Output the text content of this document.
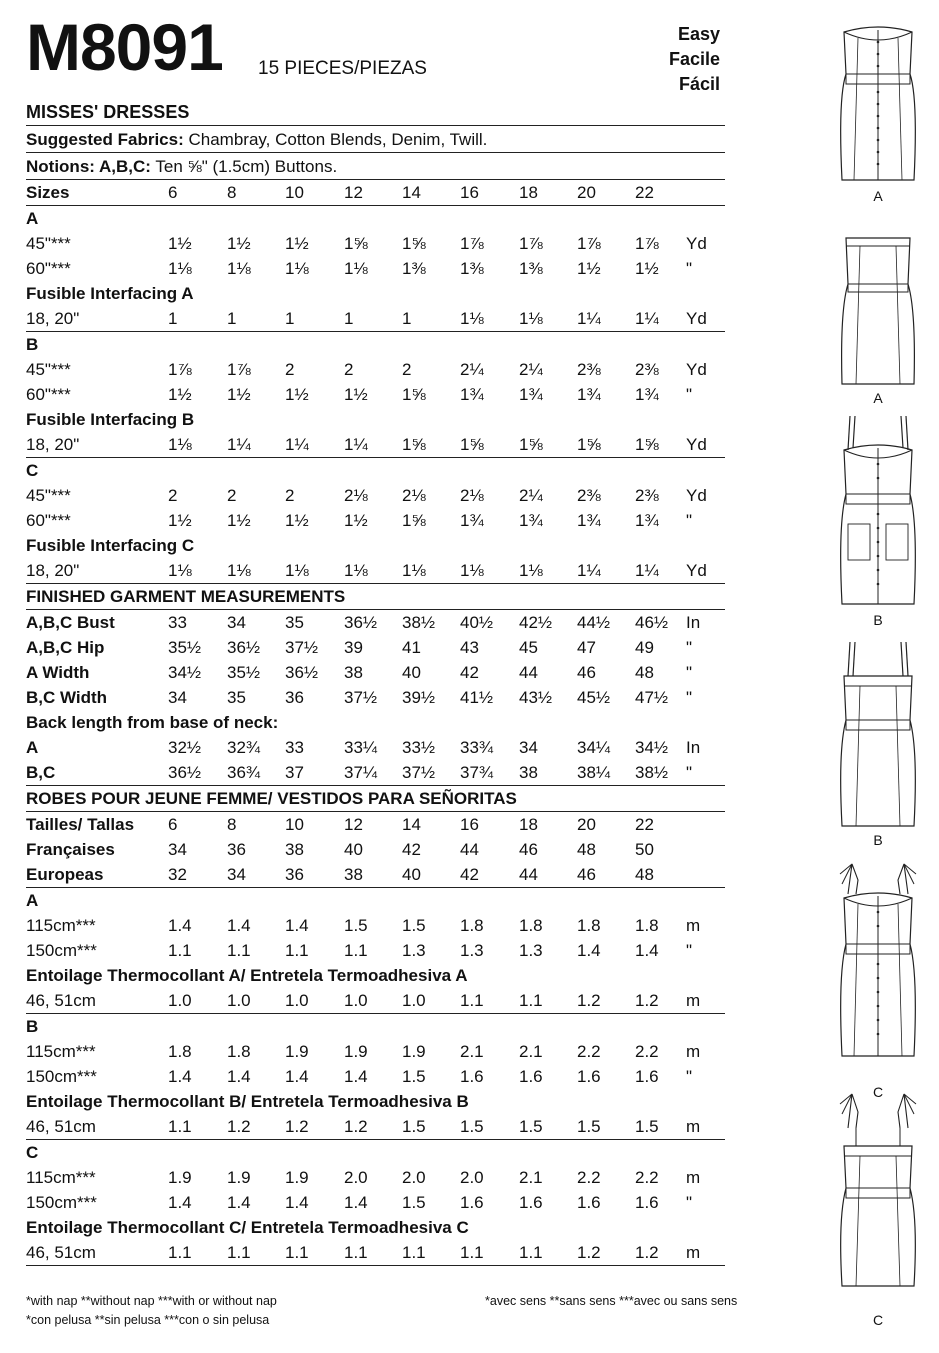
M8091 15 PIECES/PIEZAS
Easy
Facile
Fácil
MISSES' DRESSES
Suggested Fabrics: Chambray, Cotton Blends, Denim, Twill.
Notions: A,B,C: Ten ⅝" (1.5cm) Buttons.
Sizes	6	8	10	12	14	16	18	20	22
A
45"***	1½	1½	1½	1⅝	1⅝	1⅞	1⅞	1⅞	1⅞	Yd
60"***	1⅛	1⅛	1⅛	1⅛	1⅜	1⅜	1⅜	1½	1½	"
Fusible Interfacing A
18, 20"	1	1	1	1	1	1⅛	1⅛	1¼	1¼	Yd
B
45"***	1⅞	1⅞	2	2	2	2¼	2¼	2⅜	2⅜	Yd
60"***	1½	1½	1½	1½	1⅝	1¾	1¾	1¾	1¾	"
Fusible Interfacing B
18, 20"	1⅛	1¼	1¼	1¼	1⅝	1⅝	1⅝	1⅝	1⅝	Yd
C
45"***	2	2	2	2⅛	2⅛	2⅛	2¼	2⅜	2⅜	Yd
60"***	1½	1½	1½	1½	1⅝	1¾	1¾	1¾	1¾	"
Fusible Interfacing C
18, 20"	1⅛	1⅛	1⅛	1⅛	1⅛	1⅛	1⅛	1¼	1¼	Yd
FINISHED GARMENT MEASUREMENTS
A,B,C Bust	33	34	35	36½	38½	40½	42½	44½	46½	In
A,B,C Hip	35½	36½	37½	39	41	43	45	47	49	"
A Width	34½	35½	36½	38	40	42	44	46	48	"
B,C Width	34	35	36	37½	39½	41½	43½	45½	47½	"
Back length from base of neck:
A	32½	32¾	33	33¼	33½	33¾	34	34¼	34½	In
B,C	36½	36¾	37	37¼	37½	37¾	38	38¼	38½	"
ROBES POUR JEUNE FEMME/ VESTIDOS PARA SEÑORITAS
Tailles/ Tallas 6	8	10	12	14	16	18	20	22
Françaises	34	36	38	40	42	44	46	48	50
Europeas	32	34	36	38	40	42	44	46	48
A
115cm***	1.4	1.4	1.4	1.5	1.5	1.8	1.8	1.8	1.8	m
150cm***	1.1	1.1	1.1	1.1	1.3	1.3	1.3	1.4	1.4	"
Entoilage Thermocollant A/ Entretela Termoadhesiva A
46, 51cm	1.0	1.0	1.0	1.0	1.0	1.1	1.1	1.2	1.2	m
B
115cm***	1.8	1.8	1.9	1.9	1.9	2.1	2.1	2.2	2.2	m
150cm***	1.4	1.4	1.4	1.4	1.5	1.6	1.6	1.6	1.6	"
Entoilage Thermocollant B/ Entretela Termoadhesiva B
46, 51cm	1.1	1.2	1.2	1.2	1.5	1.5	1.5	1.5	1.5	m
C
115cm***	1.9	1.9	1.9	2.0	2.0	2.0	2.1	2.2	2.2	m
150cm***	1.4	1.4	1.4	1.4	1.5	1.6	1.6	1.6	1.6	"
Entoilage Thermocollant C/ Entretela Termoadhesiva C
46, 51cm	1.1	1.1	1.1	1.1	1.1	1.1	1.1	1.2	1.2	m
*with nap **without nap ***with or without nap
*con pelusa **sin pelusa ***con o sin pelusa
*avec sens **sans sens ***avec ou sans sens
A
A
B
B
C
C
